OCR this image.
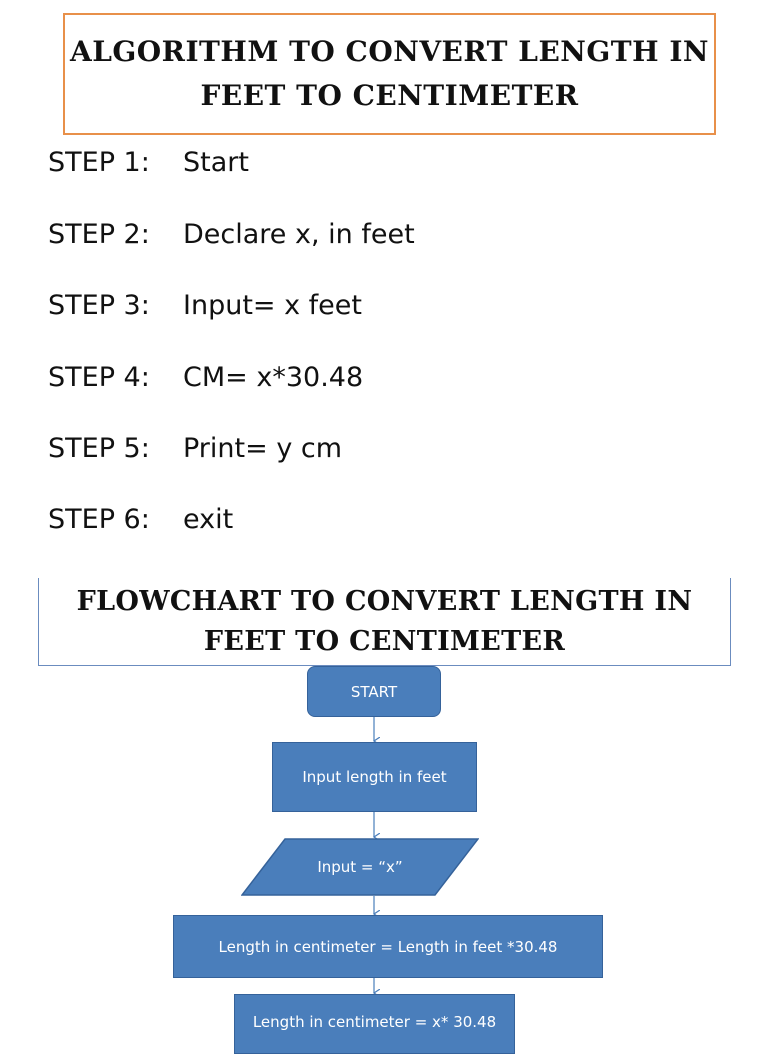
ALGORITHM TO CONVERT LENGTH IN FEET TO CENTIMETER
STEP 1:	Start
STEP 2:	Declare x, in feet
STEP 3:	Input= x feet
STEP 4:	CM= x*30.48
STEP 5:	Print= y cm
STEP 6:	exit
FLOWCHART TO CONVERT LENGTH IN FEET TO CENTIMETER
START
Input length in feet
Input = “x”
Length in centimeter = Length in feet *30.48
Length in centimeter = x* 30.48
